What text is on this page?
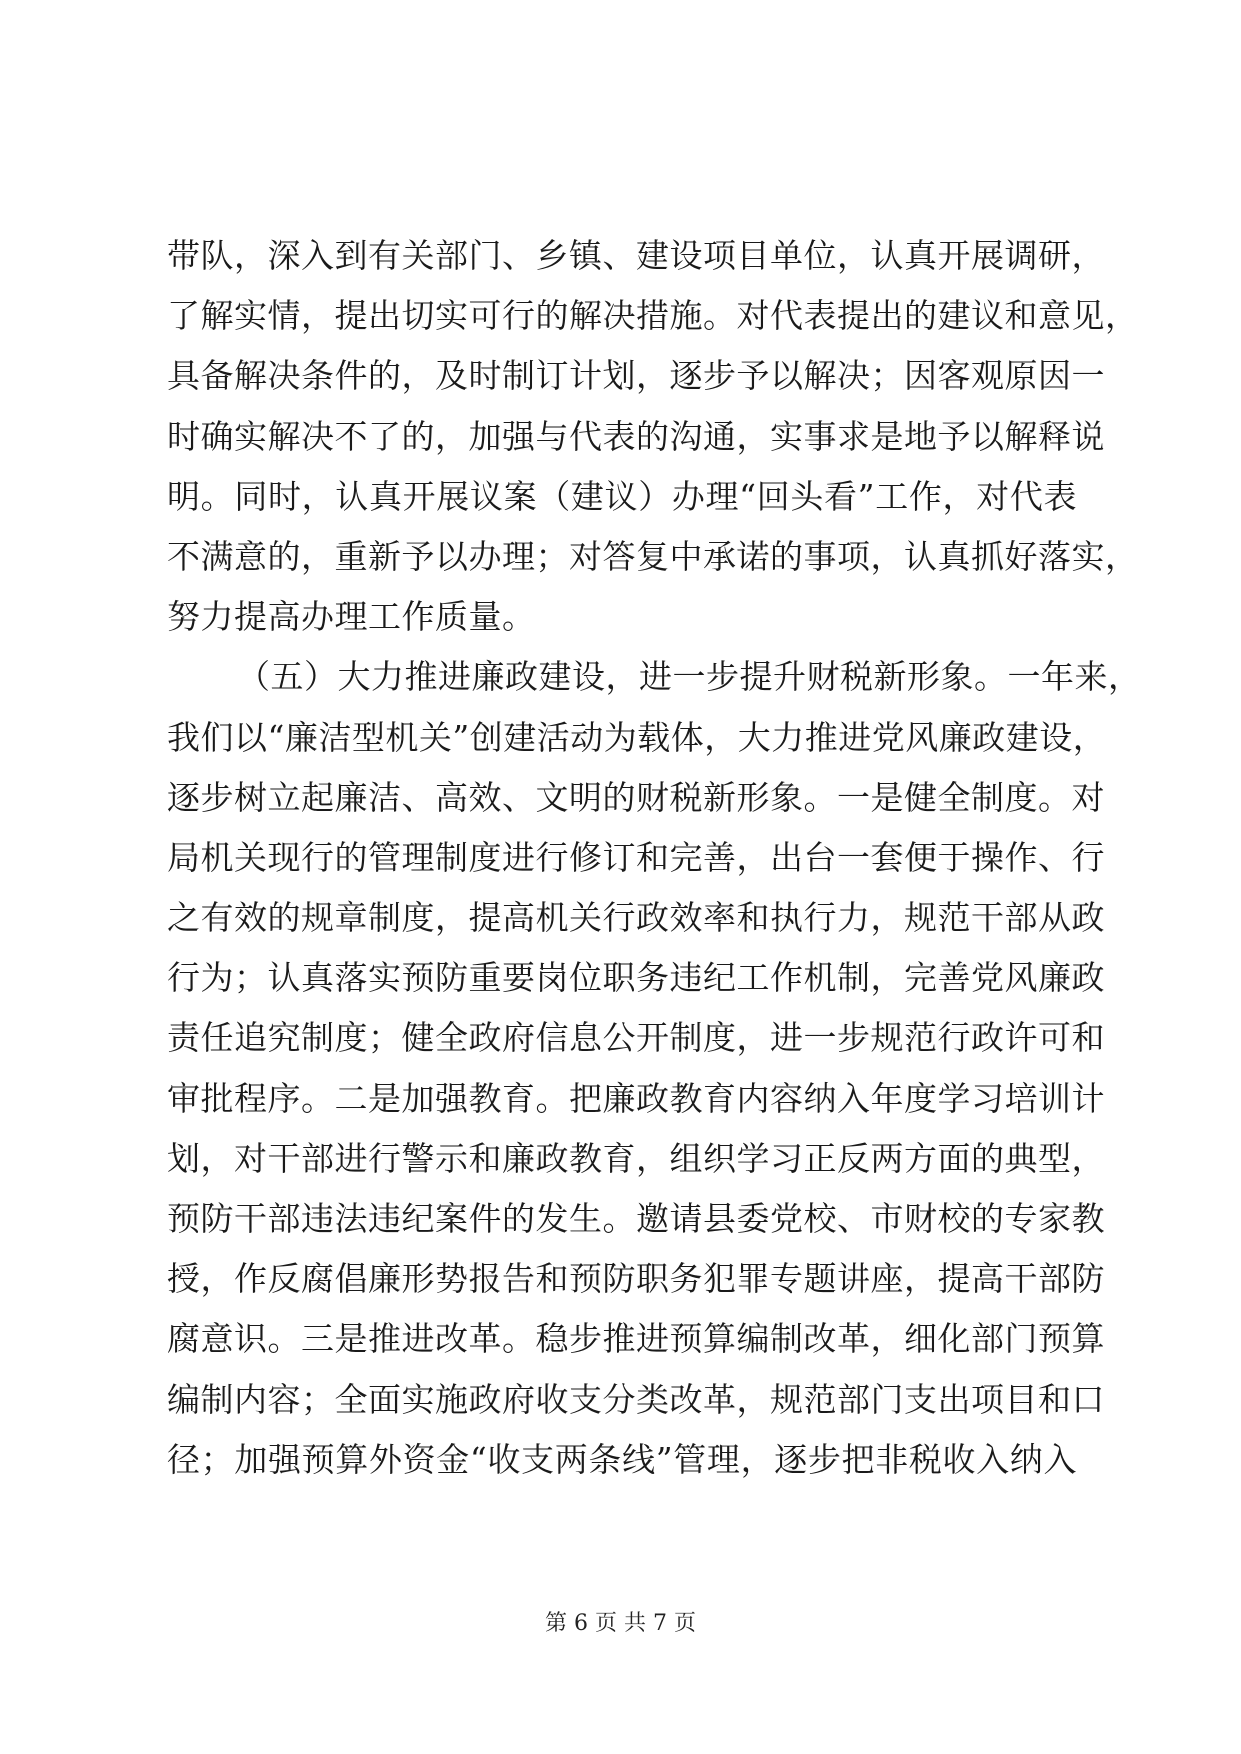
带队，深入到有关部门、乡镇、建设项目单位，认真开展调研，
了解实情，提出切实可行的解决措施。对代表提出的建议和意见，
具备解决条件的，及时制订计划，逐步予以解决；因客观原因一
时确实解决不了的，加强与代表的沟通，实事求是地予以解释说
明。同时，认真开展议案（建议）办理“回头看”工作，对代表
不满意的，重新予以办理；对答复中承诺的事项，认真抓好落实，
努力提高办理工作质量。
（五）大力推进廉政建设，进一步提升财税新形象。一年来，
我们以“廉洁型机关”创建活动为载体，大力推进党风廉政建设，
逐步树立起廉洁、高效、文明的财税新形象。一是健全制度。对
局机关现行的管理制度进行修订和完善，出台一套便于操作、行
之有效的规章制度，提高机关行政效率和执行力，规范干部从政
行为；认真落实预防重要岗位职务违纪工作机制，完善党风廉政
责任追究制度；健全政府信息公开制度，进一步规范行政许可和
审批程序。二是加强教育。把廉政教育内容纳入年度学习培训计
划，对干部进行警示和廉政教育，组织学习正反两方面的典型，
预防干部违法违纪案件的发生。邀请县委党校、市财校的专家教
授，作反腐倡廉形势报告和预防职务犯罪专题讲座，提高干部防
腐意识。三是推进改革。稳步推进预算编制改革，细化部门预算
编制内容；全面实施政府收支分类改革，规范部门支出项目和口
径；加强预算外资金“收支两条线”管理，逐步把非税收入纳入
第 6 页 共 7 页
